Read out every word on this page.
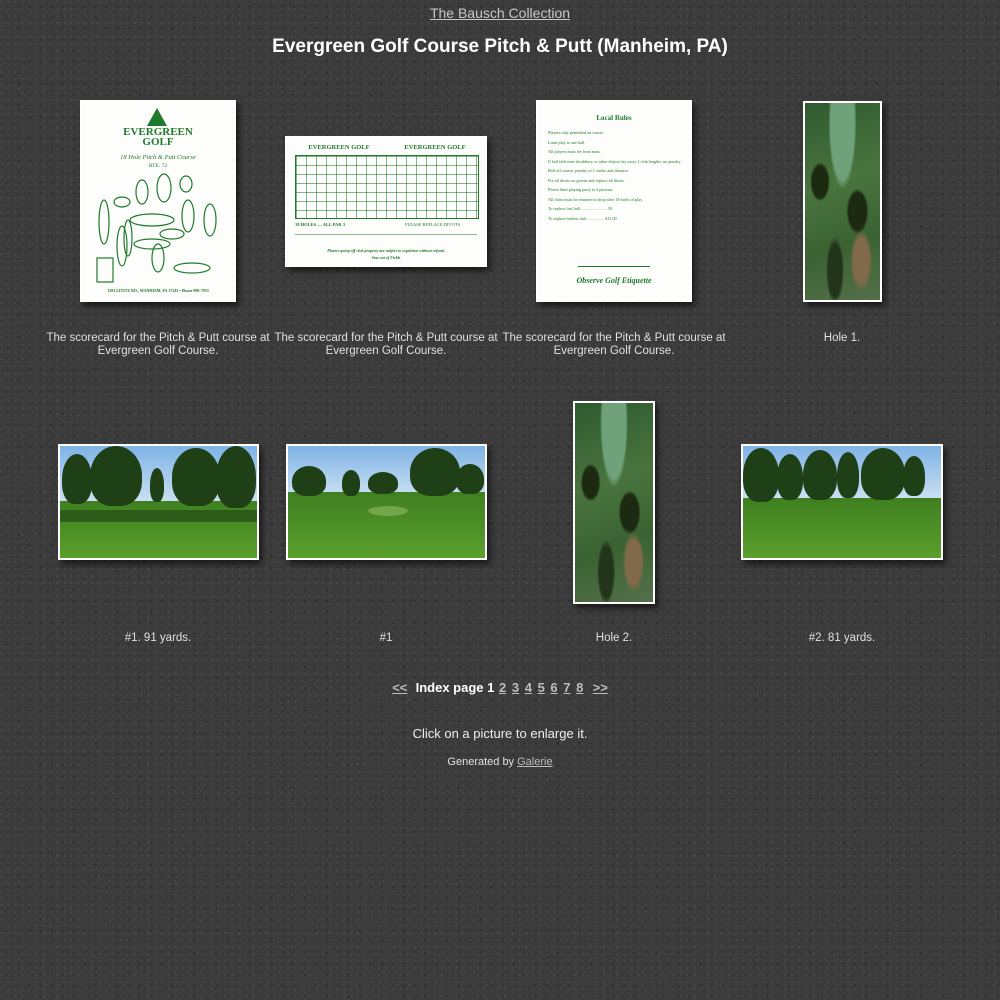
The Bausch Collection
Evergreen Golf Course Pitch & Putt (Manheim, PA)
EVERGREEN
GOLF
18 Hole Pitch & Putt Course
RTE. 72
1583 LITITZ RD., MANHEIM, PA 17545 • Phone 898-7853
The scorecard for the Pitch & Putt course at Evergreen Golf Course.
EVERGREEN GOLF	EVERGREEN GOLF
18 HOLES — ALL PAR 3	PLEASE REPLACE DIVOTS
Players going off club property are subject to expulsion without refund.
Stay out of Fields
The scorecard for the Pitch & Putt course at Evergreen Golf Course.
Local Rules
Players only permitted on course.
Limit play to one ball.
All players must tee from mats.
If ball falls near shrubbery, or other objects lay away 2 club lengths, no penalty.
Ball off course, penalty of 1 stroke and distance.
Fix all divots on greens and replace all divots.
Please limit playing party to 4 persons.
All clubs must be returned to shop after 18 holes of play.
To replace lost ball ........................ .50
To replace broken club ................ $11.00
Observe Golf Etiquette
The scorecard for the Pitch & Putt course at Evergreen Golf Course.
Hole 1.
#1. 91 yards.	#1	Hole 2.	#2. 81 yards.
<< Index page 1 2 3 4 5 6 7 8 >>
Click on a picture to enlarge it.
Generated by Galerie
